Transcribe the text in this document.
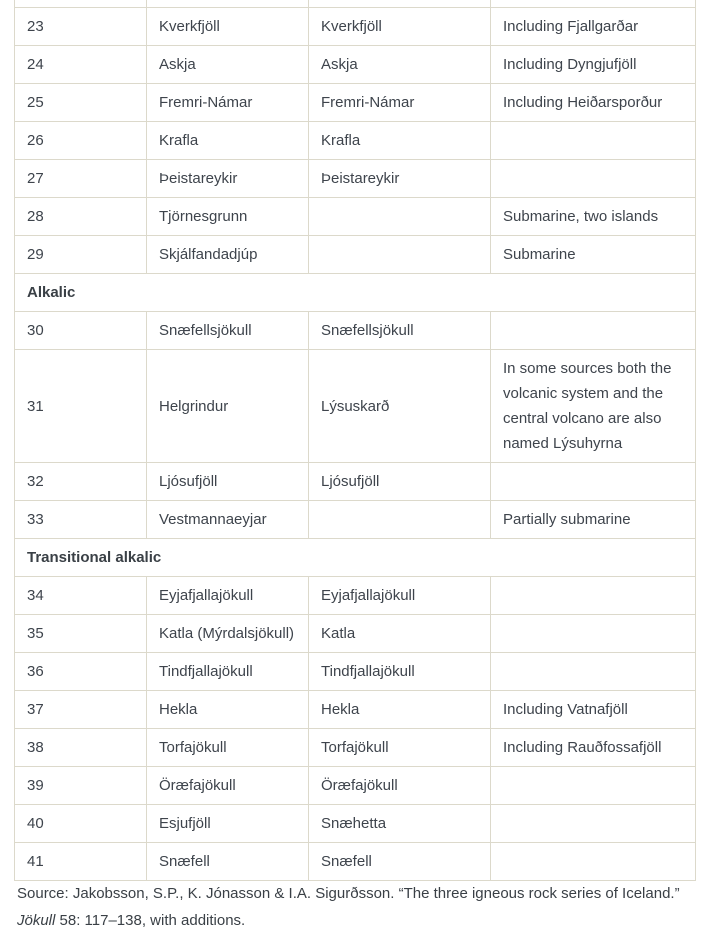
23	Kverkfjöll	Kverkfjöll	Including Fjallgarðar
24	Askja	Askja	Including Dyngjufjöll
25	Fremri-Námar	Fremri-Námar	Including Heiðarsporður
26	Krafla	Krafla	
27	Þeistareykir	Þeistareykir	
28	Tjörnesgrunn		Submarine, two islands
29	Skjálfandadjúp		Submarine
Alkalic			
30	Snæfellsjökull	Snæfellsjökull	
31	Helgrindur	Lýsuskarð	In some sources both the volcanic system and the central volcano are also named Lýsuhyrna
32	Ljósufjöll	Ljósufjöll	
33	Vestmannaeyjar		Partially submarine
Transitional alkalic			
34	Eyjafjallajökull	Eyjafjallajökull	
35	Katla (Mýrdalsjökull)	Katla	
36	Tindfjallajökull	Tindfjallajökull	
37	Hekla	Hekla	Including Vatnafjöll
38	Torfajökull	Torfajökull	Including Rauðfossafjöll
39	Öræfajökull	Öræfajökull	
40	Esjufjöll	Snæhetta	
41	Snæfell	Snæfell	
Source: Jakobsson, S.P., K. Jónasson & I.A. Sigurðsson. “The three igneous rock series of Iceland.”
Jökull 58: 117–138, with additions.
